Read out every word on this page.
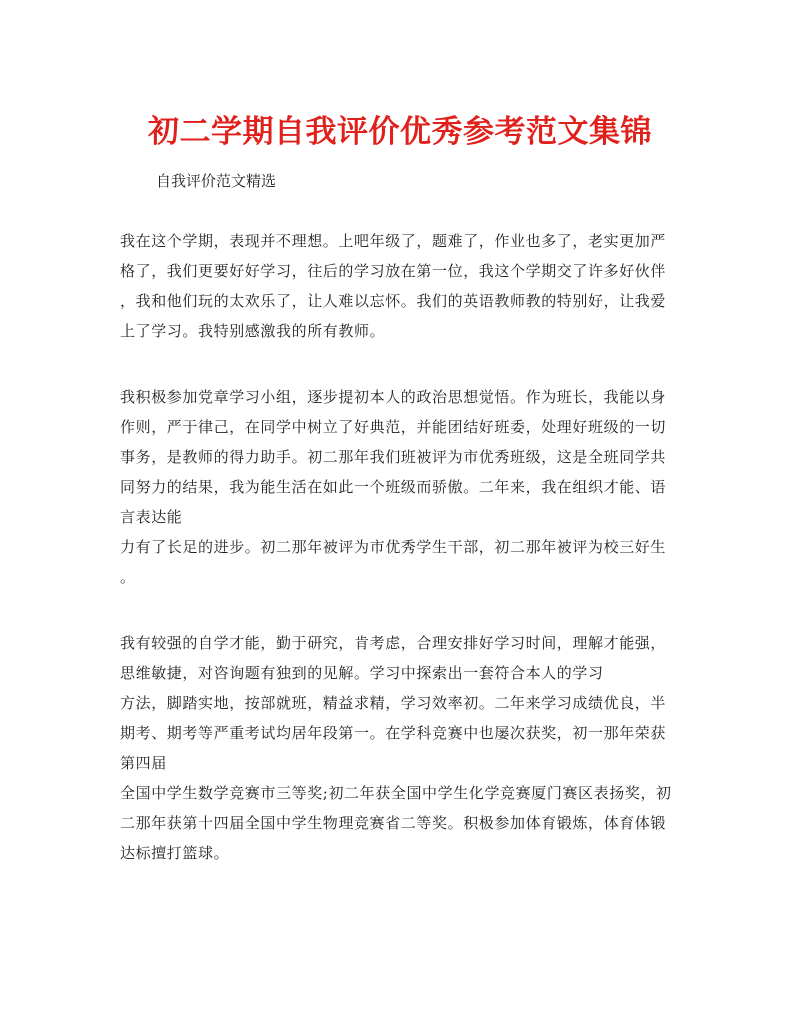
初二学期自我评价优秀参考范文集锦
自我评价范文精选
我在这个学期，表现并不理想。上吧年级了，题难了，作业也多了，老实更加严
格了，我们更要好好学习，往后的学习放在第一位，我这个学期交了许多好伙伴
，我和他们玩的太欢乐了，让人难以忘怀。我们的英语教师教的特别好，让我爱
上了学习。我特别感激我的所有教师。
我积极参加党章学习小组，逐步提初本人的政治思想觉悟。作为班长，我能以身
作则，严于律己，在同学中树立了好典范，并能团结好班委，处理好班级的一切
事务，是教师的得力助手。初二那年我们班被评为市优秀班级，这是全班同学共
同努力的结果，我为能生活在如此一个班级而骄傲。二年来，我在组织才能、语
言表达能
力有了长足的进步。初二那年被评为市优秀学生干部，初二那年被评为校三好生
。
我有较强的自学才能，勤于研究，肯考虑，合理安排好学习时间，理解才能强，
思维敏捷，对咨询题有独到的见解。学习中探索出一套符合本人的学习
方法，脚踏实地，按部就班，精益求精，学习效率初。二年来学习成绩优良，半
期考、期考等严重考试均居年段第一。在学科竞赛中也屡次获奖，初一那年荣获
第四届
全国中学生数学竞赛市三等奖;初二年获全国中学生化学竞赛厦门赛区表扬奖，初
二那年获第十四届全国中学生物理竞赛省二等奖。积极参加体育锻炼，体育体锻
达标擅打篮球。
